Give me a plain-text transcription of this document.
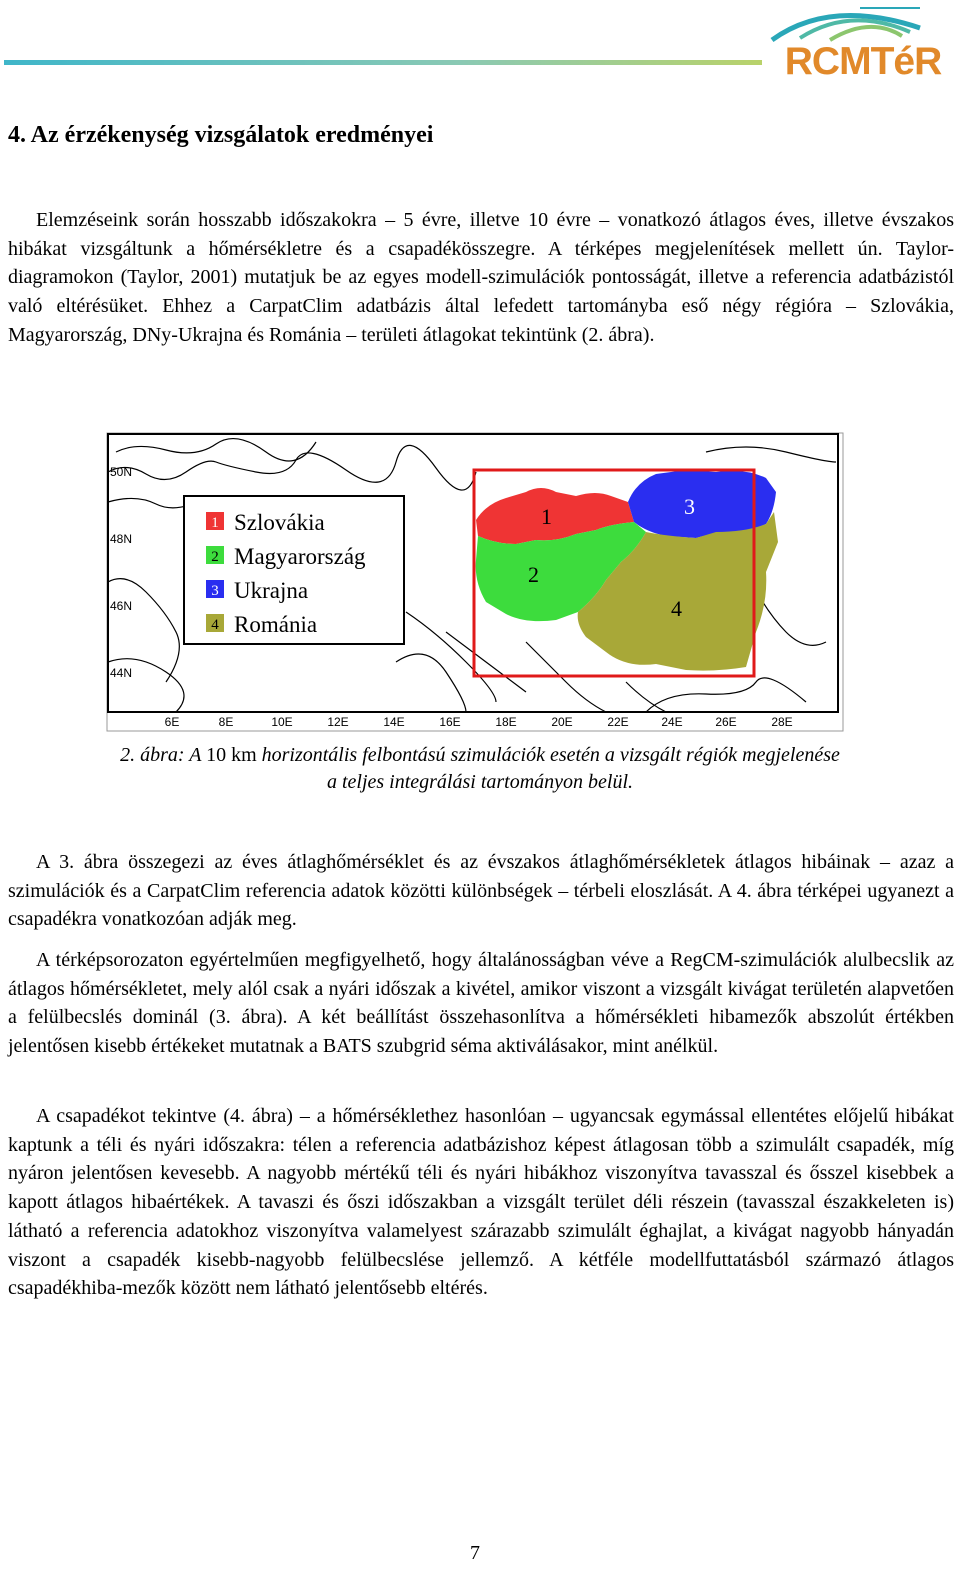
RCMTéR
4. Az érzékenység vizsgálatok eredményei

Elemzéseink során hosszabb időszakokra – 5 évre, illetve 10 évre – vonatkozó átlagos éves, illetve évszakos hibákat vizsgáltunk a hőmérsékletre és a csapadékösszegre. A térképes megjelenítések mellett ún. Taylor-diagramokon (Taylor, 2001) mutatjuk be az egyes modell-szimulációk pontosságát, illetve a referencia adatbázistól való eltérésüket. Ehhez a CarpatClim adatbázis által lefedett tartományba eső négy régióra – Szlovákia, Magyarország, DNy-Ukrajna és Románia – területi átlagokat tekintünk (2. ábra).

1
2
3
4
1 Szlovákia
2 Magyarország
3 Ukrajna
4 Románia
50N
48N
46N
44N
6E	8E	10E	12E	14E	16E	18E	20E	22E	24E	26E	28E

2. ábra: A 10 km horizontális felbontású szimulációk esetén a vizsgált régiók megjelenése
a teljes integrálási tartományon belül.

A 3. ábra összegezi az éves átlaghőmérséklet és az évszakos átlaghőmérsékletek átlagos hibáinak – azaz a szimulációk és a CarpatClim referencia adatok közötti különbségek – térbeli eloszlását. A 4. ábra térképei ugyanezt a csapadékra vonatkozóan adják meg.

A térképsorozaton egyértelműen megfigyelhető, hogy általánosságban véve a RegCM-szimulációk alulbecslik az átlagos hőmérsékletet, mely alól csak a nyári időszak a kivétel, amikor viszont a vizsgált kivágat területén alapvetően a felülbecslés dominál (3. ábra). A két beállítást összehasonlítva a hőmérsékleti hibamezők abszolút értékben jelentősen kisebb értékeket mutatnak a BATS szubgrid séma aktiválásakor, mint anélkül.

A csapadékot tekintve (4. ábra) – a hőmérséklethez hasonlóan – ugyancsak egymással ellentétes előjelű hibákat kaptunk a téli és nyári időszakra: télen a referencia adatbázishoz képest átlagosan több a szimulált csapadék, míg nyáron jelentősen kevesebb. A nagyobb mértékű téli és nyári hibákhoz viszonyítva tavasszal és ősszel kisebbek a kapott átlagos hibaértékek. A tavaszi és őszi időszakban a vizsgált terület déli részein (tavasszal északkeleten is) látható a referencia adatokhoz viszonyítva valamelyest szárazabb szimulált éghajlat, a kivágat nagyobb hányadán viszont a csapadék kisebb-nagyobb felülbecslése jellemző. A kétféle modellfuttatásból származó átlagos csapadékhiba-mezők között nem látható jelentősebb eltérés.

7
